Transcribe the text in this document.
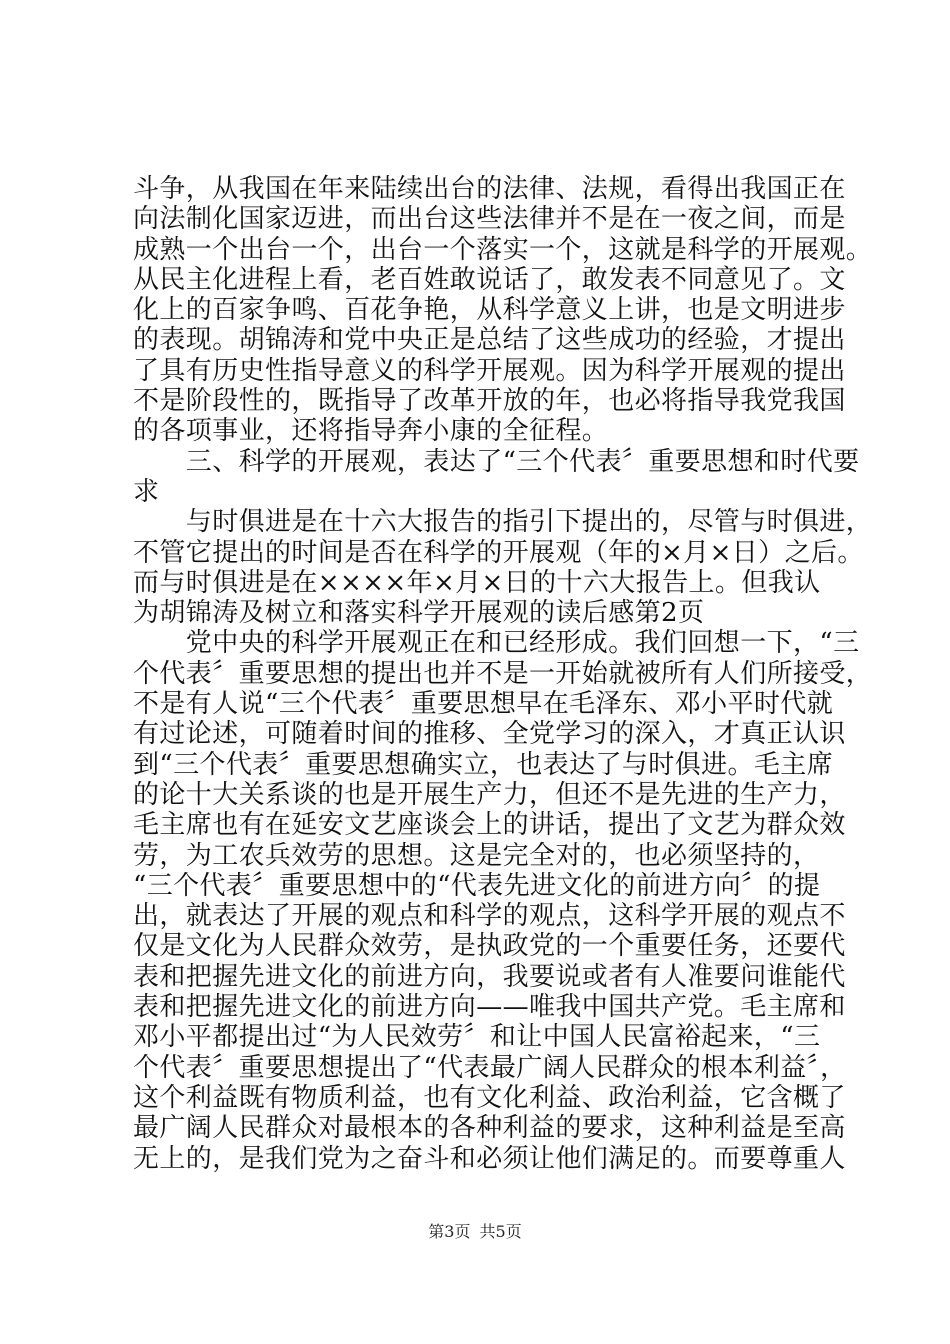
斗争，从我国在年来陆续出台的法律、法规，看得出我国正在
向法制化国家迈进，而出台这些法律并不是在一夜之间，而是
成熟一个出台一个，出台一个落实一个，这就是科学的开展观。
从民主化进程上看，老百姓敢说话了，敢发表不同意见了。文
化上的百家争鸣、百花争艳，从科学意义上讲，也是文明进步
的表现。胡锦涛和党中央正是总结了这些成功的经验，才提出
了具有历史性指导意义的科学开展观。因为科学开展观的提出
不是阶段性的，既指导了改革开放的年，也必将指导我党我国
的各项事业，还将指导奔小康的全征程。
　　三、科学的开展观，表达了“三个代表〞重要思想和时代要
求
　　与时俱进是在十六大报告的指引下提出的，尽管与时俱进，
不管它提出的时间是否在科学的开展观（年的×月×日）之后。
而与时俱进是在××××年×月×日的十六大报告上。但我认
为胡锦涛及树立和落实科学开展观的读后感第2页
　　党中央的科学开展观正在和已经形成。我们回想一下，“三
个代表〞重要思想的提出也并不是一开始就被所有人们所接受，
不是有人说“三个代表〞重要思想早在毛泽东、邓小平时代就
有过论述，可随着时间的推移、全党学习的深入，才真正认识
到“三个代表〞重要思想确实立，也表达了与时俱进。毛主席
的论十大关系谈的也是开展生产力，但还不是先进的生产力，
毛主席也有在延安文艺座谈会上的讲话，提出了文艺为群众效
劳，为工农兵效劳的思想。这是完全对的，也必须坚持的，
“三个代表〞重要思想中的“代表先进文化的前进方向〞的提
出，就表达了开展的观点和科学的观点，这科学开展的观点不
仅是文化为人民群众效劳，是执政党的一个重要任务，还要代
表和把握先进文化的前进方向，我要说或者有人准要问谁能代
表和把握先进文化的前进方向——唯我中国共产党。毛主席和
邓小平都提出过“为人民效劳〞和让中国人民富裕起来，“三
个代表〞重要思想提出了“代表最广阔人民群众的根本利益〞，
这个利益既有物质利益，也有文化利益、政治利益，它含概了
最广阔人民群众对最根本的各种利益的要求，这种利益是至高
无上的，是我们党为之奋斗和必须让他们满足的。而要尊重人
第3页 共5页
